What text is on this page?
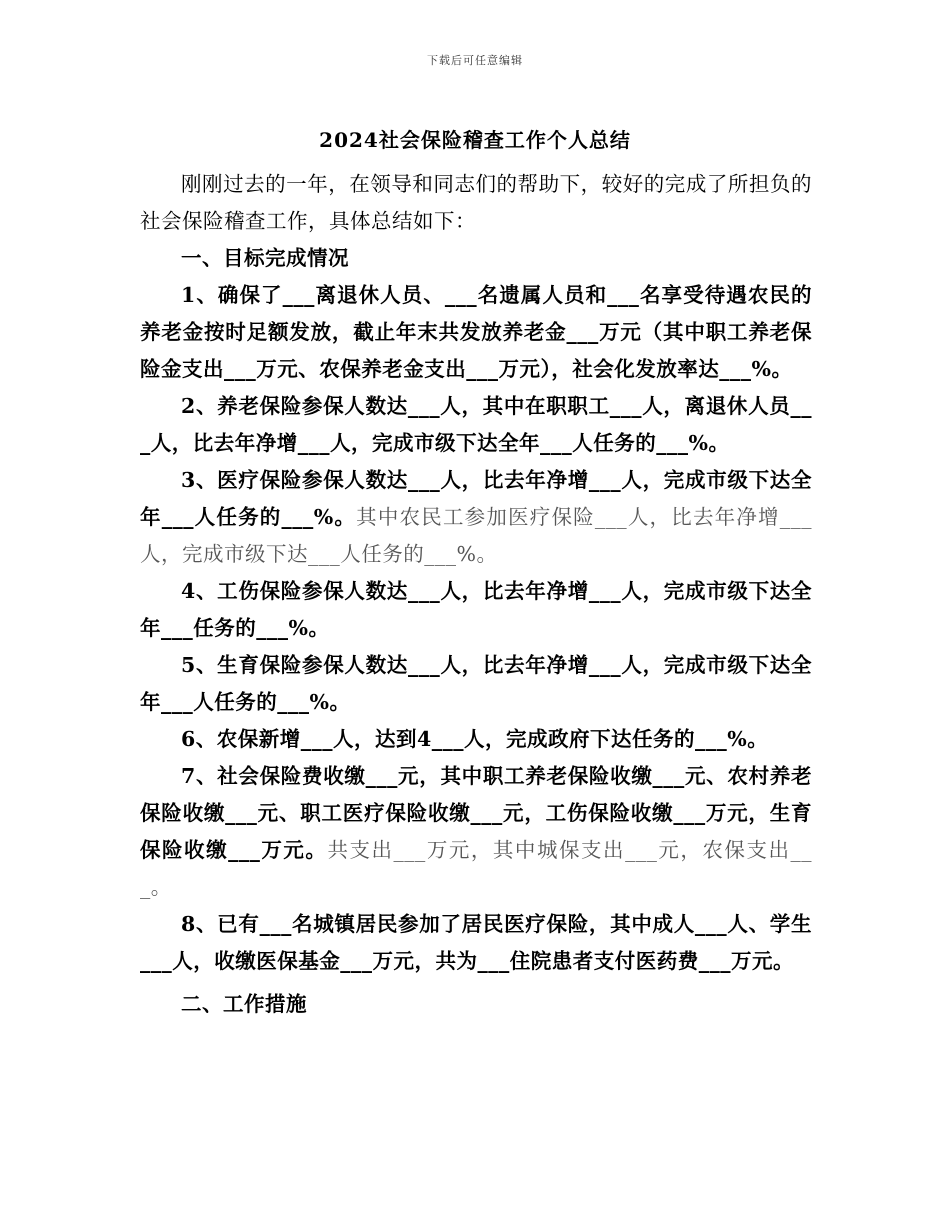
下载后可任意编辑
2024社会保险稽查工作个人总结

刚刚过去的一年，在领导和同志们的帮助下，较好的完成了所担负的社会保险稽查工作，具体总结如下：

一、目标完成情况

1、确保了___离退休人员、___名遗属人员和___名享受待遇农民的养老金按时足额发放，截止年末共发放养老金___万元（其中职工养老保险金支出___万元、农保养老金支出___万元），社会化发放率达___%。

2、养老保险参保人数达___人，其中在职职工___人，离退休人员___人，比去年净增___人，完成市级下达全年___人任务的___%。

3、医疗保险参保人数达___人，比去年净增___人，完成市级下达全年___人任务的___%。其中农民工参加医疗保险___人，比去年净增___人，完成市级下达___人任务的___%。

4、工伤保险参保人数达___人，比去年净增___人，完成市级下达全年___任务的___%。

5、生育保险参保人数达___人，比去年净增___人，完成市级下达全年___人任务的___%。

6、农保新增___人，达到4___人，完成政府下达任务的___%。

7、社会保险费收缴___元，其中职工养老保险收缴___元、农村养老保险收缴___元、职工医疗保险收缴___元，工伤保险收缴___万元，生育保险收缴___万元。共支出___万元，其中城保支出___元，农保支出___。

8、已有___名城镇居民参加了居民医疗保险，其中成人___人、学生___人，收缴医保基金___万元，共为___住院患者支付医药费___万元。

二、工作措施
